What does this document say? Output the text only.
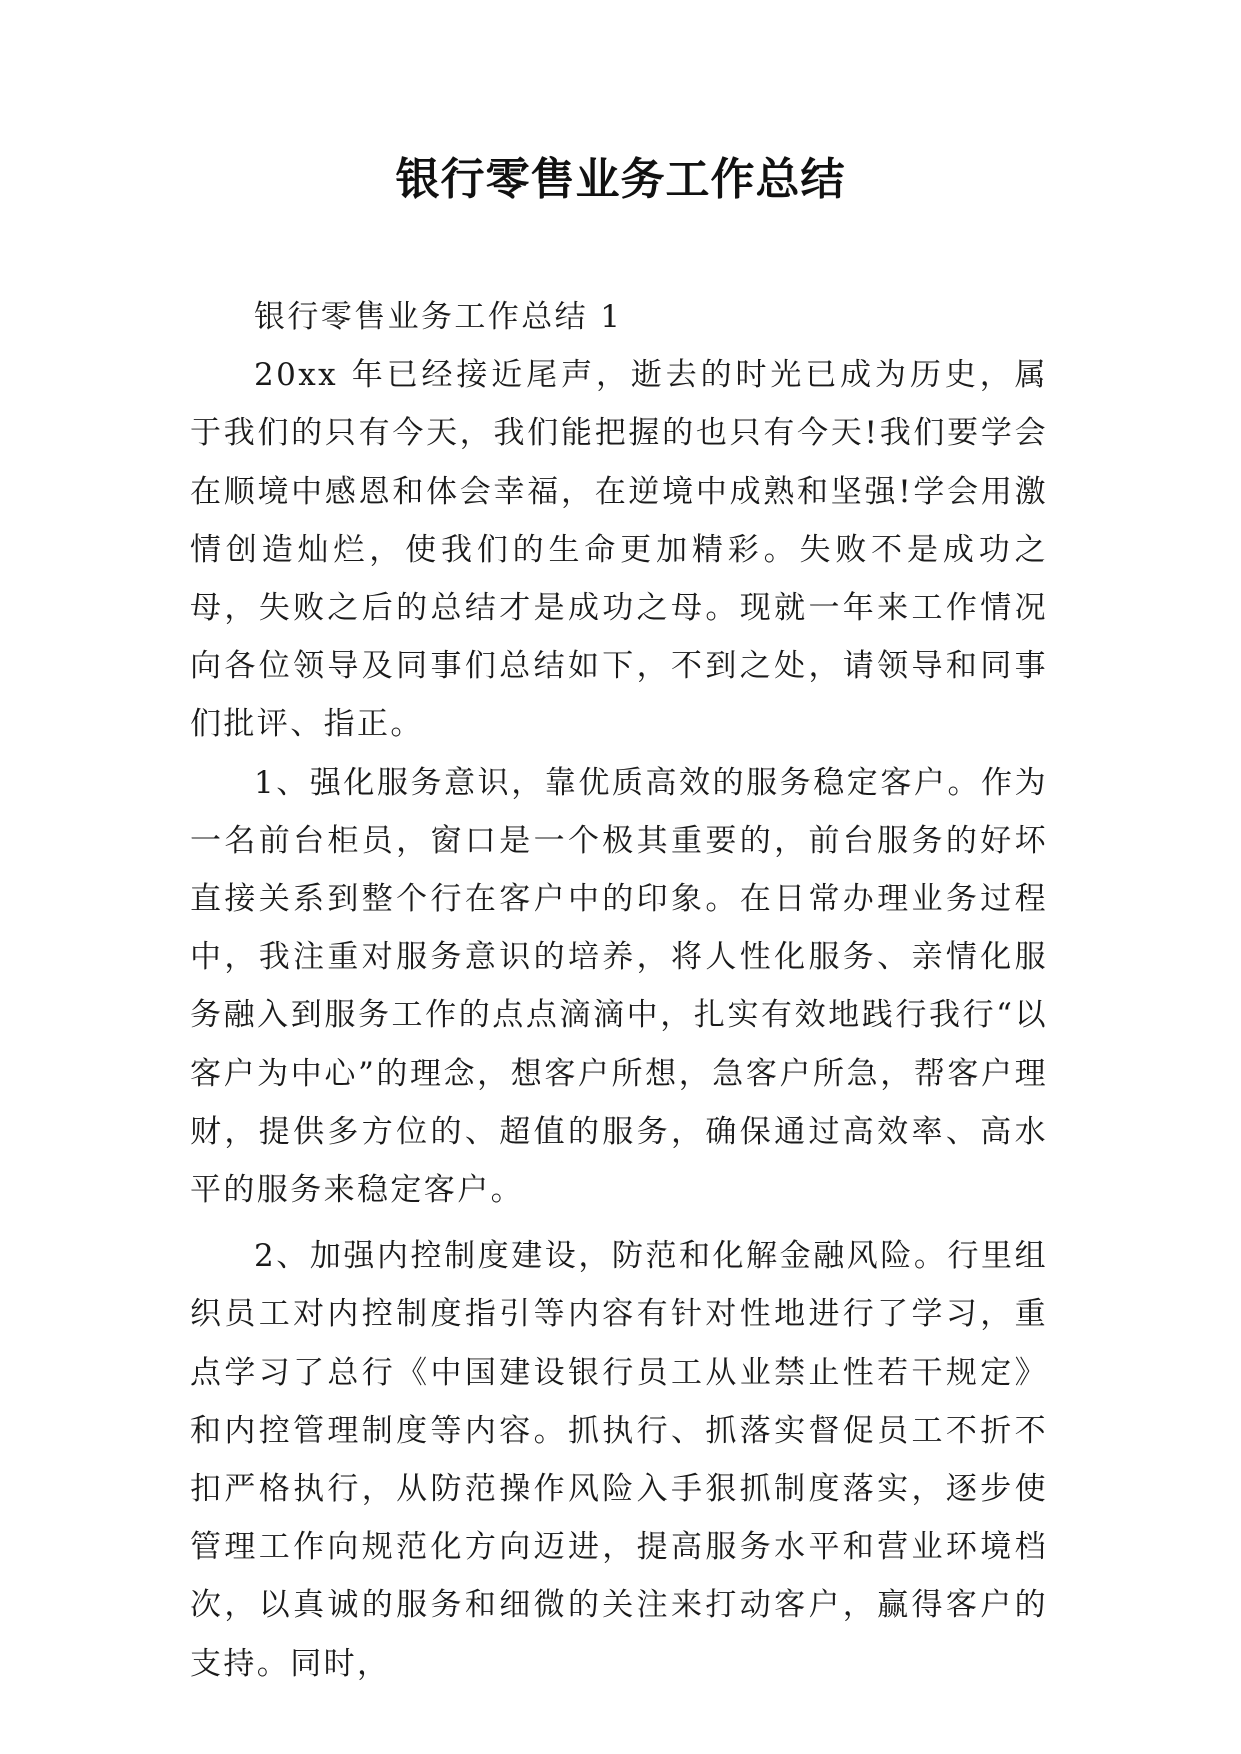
银行零售业务工作总结

银行零售业务工作总结 1

20xx 年已经接近尾声，逝去的时光已成为历史，属于我们的只有今天，我们能把握的也只有今天!我们要学会在顺境中感恩和体会幸福，在逆境中成熟和坚强!学会用激情创造灿烂，使我们的生命更加精彩。失败不是成功之母，失败之后的总结才是成功之母。现就一年来工作情况向各位领导及同事们总结如下，不到之处，请领导和同事们批评、指正。

1、强化服务意识，靠优质高效的服务稳定客户。作为一名前台柜员，窗口是一个极其重要的，前台服务的好坏直接关系到整个行在客户中的印象。在日常办理业务过程中，我注重对服务意识的培养，将人性化服务、亲情化服务融入到服务工作的点点滴滴中，扎实有效地践行我行“以客户为中心”的理念，想客户所想，急客户所急，帮客户理财，提供多方位的、超值的服务，确保通过高效率、高水平的服务来稳定客户。

2、加强内控制度建设，防范和化解金融风险。行里组织员工对内控制度指引等内容有针对性地进行了学习，重点学习了总行《中国建设银行员工从业禁止性若干规定》和内控管理制度等内容。抓执行、抓落实督促员工不折不扣严格执行，从防范操作风险入手狠抓制度落实，逐步使管理工作向规范化方向迈进，提高服务水平和营业环境档次，以真诚的服务和细微的关注来打动客户，赢得客户的支持。同时，
